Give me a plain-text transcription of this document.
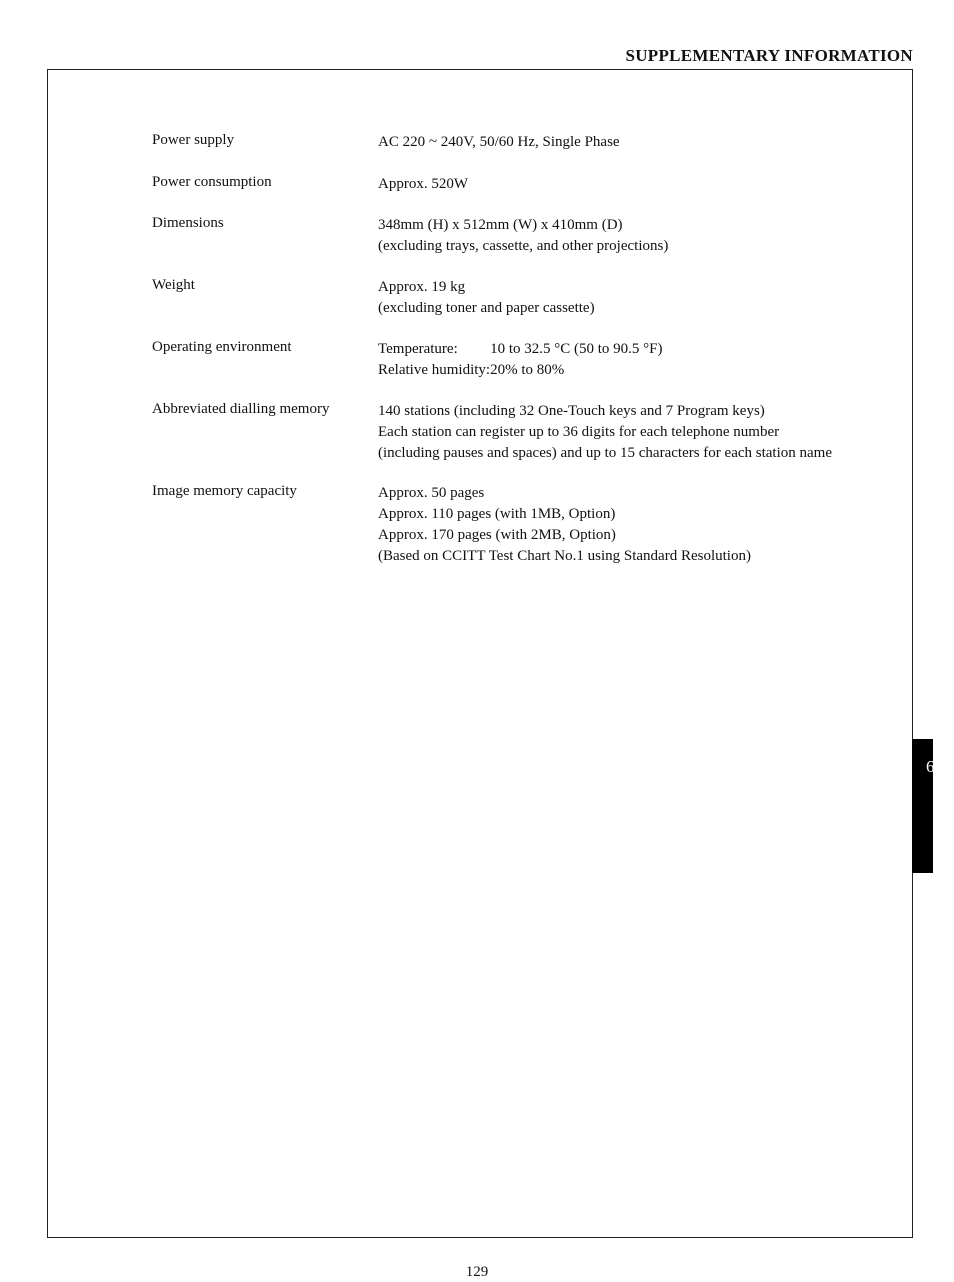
SUPPLEMENTARY INFORMATION
6
Power supply	AC 220 ~ 240V, 50/60 Hz, Single Phase
Power consumption	Approx. 520W
Dimensions	348mm (H) x 512mm (W) x 410mm (D)
(excluding trays, cassette, and other projections)
Weight	Approx. 19 kg
(excluding toner and paper cassette)
Operating environment	Temperature:	10 to 32.5 °C (50 to 90.5 °F)
Relative humidity:	20% to 80%
Abbreviated dialling memory	140 stations (including 32 One-Touch keys and 7 Program keys)
Each station can register up to 36 digits for each telephone number
(including pauses and spaces) and up to 15 characters for each station name
Image memory capacity	Approx. 50 pages
Approx. 110 pages (with 1MB, Option)
Approx. 170 pages (with 2MB, Option)
(Based on CCITT Test Chart No.1 using Standard Resolution)
129
